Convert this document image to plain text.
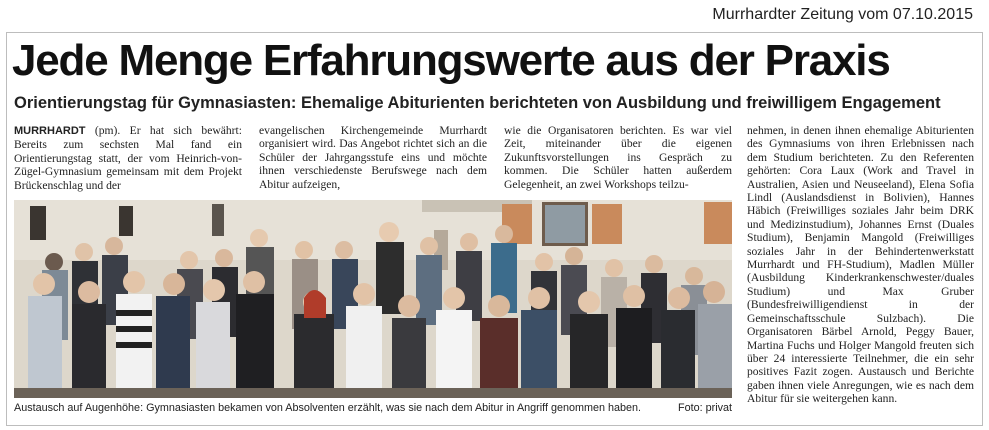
Murrhardter Zeitung vom 07.10.2015
Jede Menge Erfahrungswerte aus der Praxis
Orientierungstag für Gymnasiasten: Ehemalige Abiturienten berichteten von Ausbildung und freiwilligem Engagement
MURRHARDT (pm). Er hat sich bewährt: Bereits zum sechsten Mal fand ein Orientierungstag statt, der vom Heinrich-von-Zügel-Gymnasium gemeinsam mit dem Projekt Brückenschlag und der
evangelischen Kirchengemeinde Murrhardt organisiert wird. Das Angebot richtet sich an die Schüler der Jahrgangsstufe eins und möchte ihnen verschiedenste Berufswege nach dem Abitur aufzeigen,
wie die Organisatoren berichten. Es war viel Zeit, miteinander über die eigenen Zukunftsvorstellungen ins Gespräch zu kommen. Die Schüler hatten außerdem Gelegenheit, an zwei Workshops teilzu-
nehmen, in denen ihnen ehemalige Abiturienten des Gymnasiums von ihren Erlebnissen nach dem Studium berichteten. Zu den Referenten gehörten: Cora Laux (Work and Travel in Australien, Asien und Neuseeland), Elena Sofia Lindl (Auslandsdienst in Bolivien), Hannes Häbich (Freiwilliges soziales Jahr beim DRK und Medizinstudium), Johannes Ernst (Duales Studium), Benjamin Mangold (Freiwilliges soziales Jahr in der Behindertenwerkstatt Murrhardt und FH-Studium), Madlen Müller (Ausbildung Kinderkrankenschwester/duales Studium) und Max Gruber (Bundesfreiwilligendienst in der Gemeinschaftsschule Sulzbach). Die Organisatoren Bärbel Arnold, Peggy Bauer, Martina Fuchs und Holger Mangold freuten sich über 24 interessierte Teilnehmer, die ein sehr positives Fazit zogen. Austausch und Berichte gaben ihnen viele Anregungen, wie es nach dem Abitur für sie weitergehen kann.
Austausch auf Augenhöhe: Gymnasiasten bekamen von Absolventen erzählt, was sie nach dem Abitur in Angriff genommen haben.	Foto: privat
